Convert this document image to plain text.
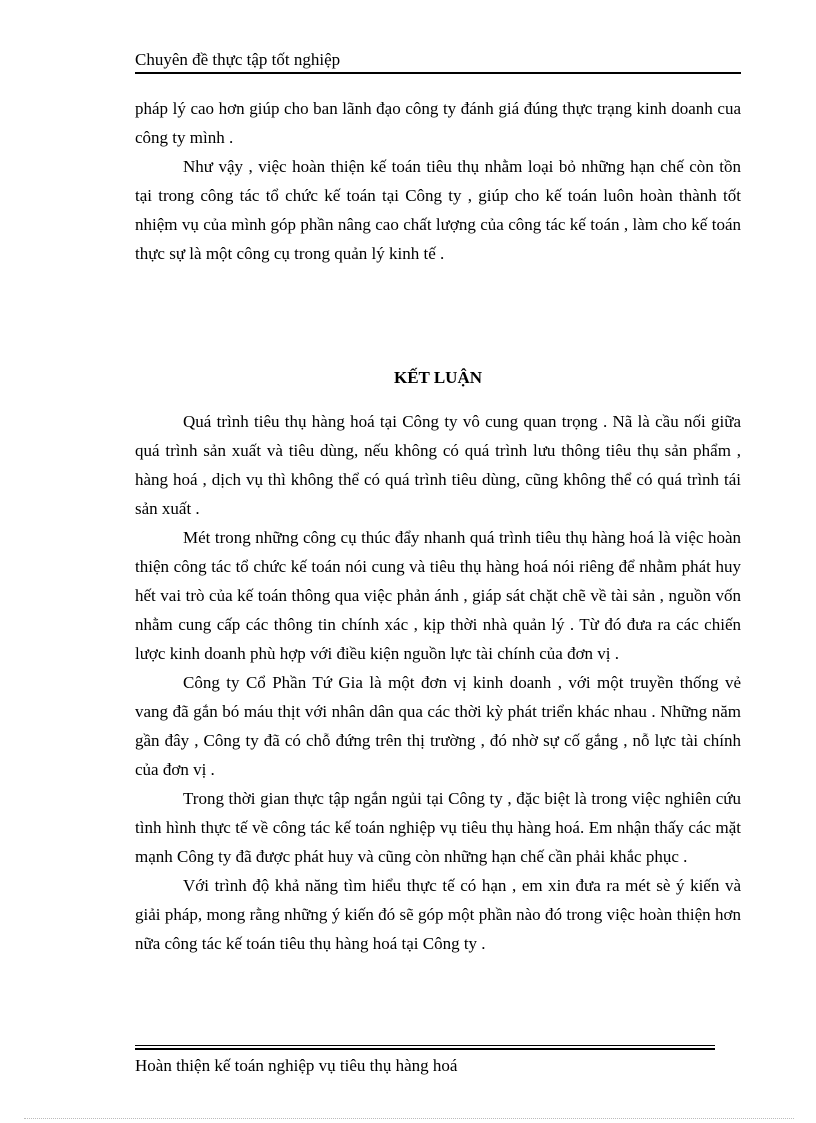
Chuyên đề thực tập tốt nghiệp

pháp lý cao hơn giúp cho ban lãnh đạo công ty đánh giá đúng thực trạng kinh doanh cua công ty mình .

Như vậy , việc hoàn thiện kế toán tiêu thụ nhằm loại bỏ những hạn chế còn tồn tại trong công tác tổ chức kế toán tại Công ty , giúp cho kế toán luôn hoàn thành tốt nhiệm vụ của mình góp phần nâng cao chất lượng của công tác kế toán , làm cho kế toán thực sự là một công cụ trong quản lý kinh tế .

KẾT LUẬN

Quá trình tiêu thụ hàng hoá tại Công ty vô cung quan trọng . Nã là cầu nối giữa quá trình sản xuất và tiêu dùng, nếu không có quá trình lưu thông tiêu thụ sản phẩm , hàng hoá , dịch vụ thì không thể có quá trình tiêu dùng, cũng không thể có quá trình tái sản xuất .

Mét trong những công cụ thúc đẩy nhanh quá trình tiêu thụ hàng hoá là việc hoàn thiện công tác tổ chức kế toán nói cung và tiêu thụ hàng hoá nói riêng để nhằm phát huy hết vai trò của kế toán thông qua việc phản ánh , giáp sát chặt chẽ về tài sản , nguồn vốn nhằm cung cấp các thông tin chính xác , kịp thời nhà quản lý . Từ đó đưa ra các chiến lược kinh doanh phù hợp với điều kiện nguồn lực tài chính của đơn vị .

Công ty Cổ Phần Tứ Gia là một đơn vị kinh doanh , với một truyền thống vẻ vang đã gắn bó máu thịt với nhân dân qua các thời kỳ phát triển khác nhau . Những năm gần đây , Công ty đã có chỗ đứng trên thị trường , đó nhờ sự cố gắng , nỗ lực tài chính của đơn vị .

Trong thời gian thực tập ngắn ngủi tại Công ty , đặc biệt là trong việc nghiên cứu tình hình thực tế về công tác kế toán nghiệp vụ tiêu thụ hàng hoá. Em nhận thấy các mặt mạnh Công ty đã được phát huy và cũng còn những hạn chế cần phải khắc phục .

Với trình độ khả năng tìm hiểu thực tế có hạn , em xin đưa ra mét sè ý kiến và giải pháp, mong rằng những ý kiến đó sẽ góp một phần nào đó trong việc hoàn thiện hơn nữa công tác kế toán tiêu thụ hàng hoá tại Công ty .

Hoàn thiện kế toán nghiệp vụ tiêu thụ hàng hoá
